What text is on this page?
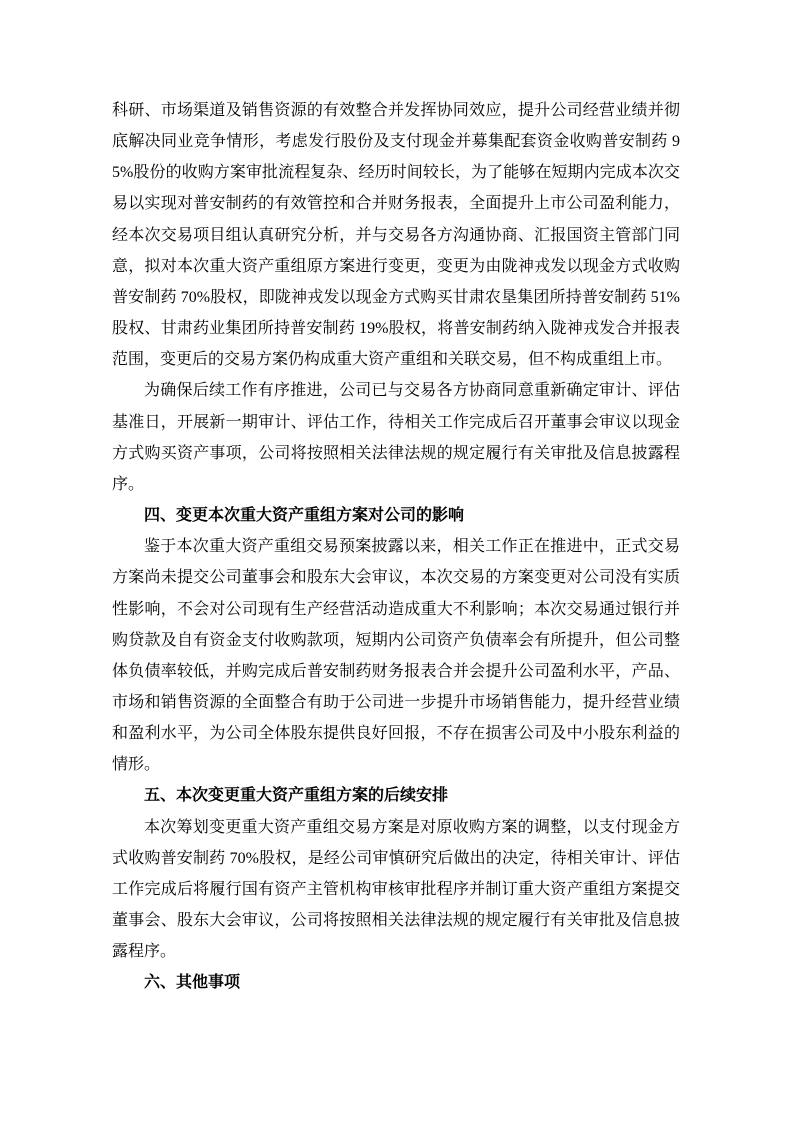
科研、市场渠道及销售资源的有效整合并发挥协同效应，提升公司经营业绩并彻底解决同业竞争情形，考虑发行股份及支付现金并募集配套资金收购普安制药 95%股份的收购方案审批流程复杂、经历时间较长，为了能够在短期内完成本次交易以实现对普安制药的有效管控和合并财务报表，全面提升上市公司盈利能力，经本次交易项目组认真研究分析，并与交易各方沟通协商、汇报国资主管部门同意，拟对本次重大资产重组原方案进行变更，变更为由陇神戎发以现金方式收购普安制药 70%股权，即陇神戎发以现金方式购买甘肃农垦集团所持普安制药 51%股权、甘肃药业集团所持普安制药 19%股权，将普安制药纳入陇神戎发合并报表范围，变更后的交易方案仍构成重大资产重组和关联交易，但不构成重组上市。

为确保后续工作有序推进，公司已与交易各方协商同意重新确定审计、评估基准日，开展新一期审计、评估工作，待相关工作完成后召开董事会审议以现金方式购买资产事项，公司将按照相关法律法规的规定履行有关审批及信息披露程序。

四、变更本次重大资产重组方案对公司的影响

鉴于本次重大资产重组交易预案披露以来，相关工作正在推进中，正式交易方案尚未提交公司董事会和股东大会审议，本次交易的方案变更对公司没有实质性影响，不会对公司现有生产经营活动造成重大不利影响；本次交易通过银行并购贷款及自有资金支付收购款项，短期内公司资产负债率会有所提升，但公司整体负债率较低，并购完成后普安制药财务报表合并会提升公司盈利水平，产品、市场和销售资源的全面整合有助于公司进一步提升市场销售能力，提升经营业绩和盈利水平，为公司全体股东提供良好回报，不存在损害公司及中小股东利益的情形。

五、本次变更重大资产重组方案的后续安排

本次筹划变更重大资产重组交易方案是对原收购方案的调整，以支付现金方式收购普安制药 70%股权，是经公司审慎研究后做出的决定，待相关审计、评估工作完成后将履行国有资产主管机构审核审批程序并制订重大资产重组方案提交董事会、股东大会审议，公司将按照相关法律法规的规定履行有关审批及信息披露程序。

六、其他事项
